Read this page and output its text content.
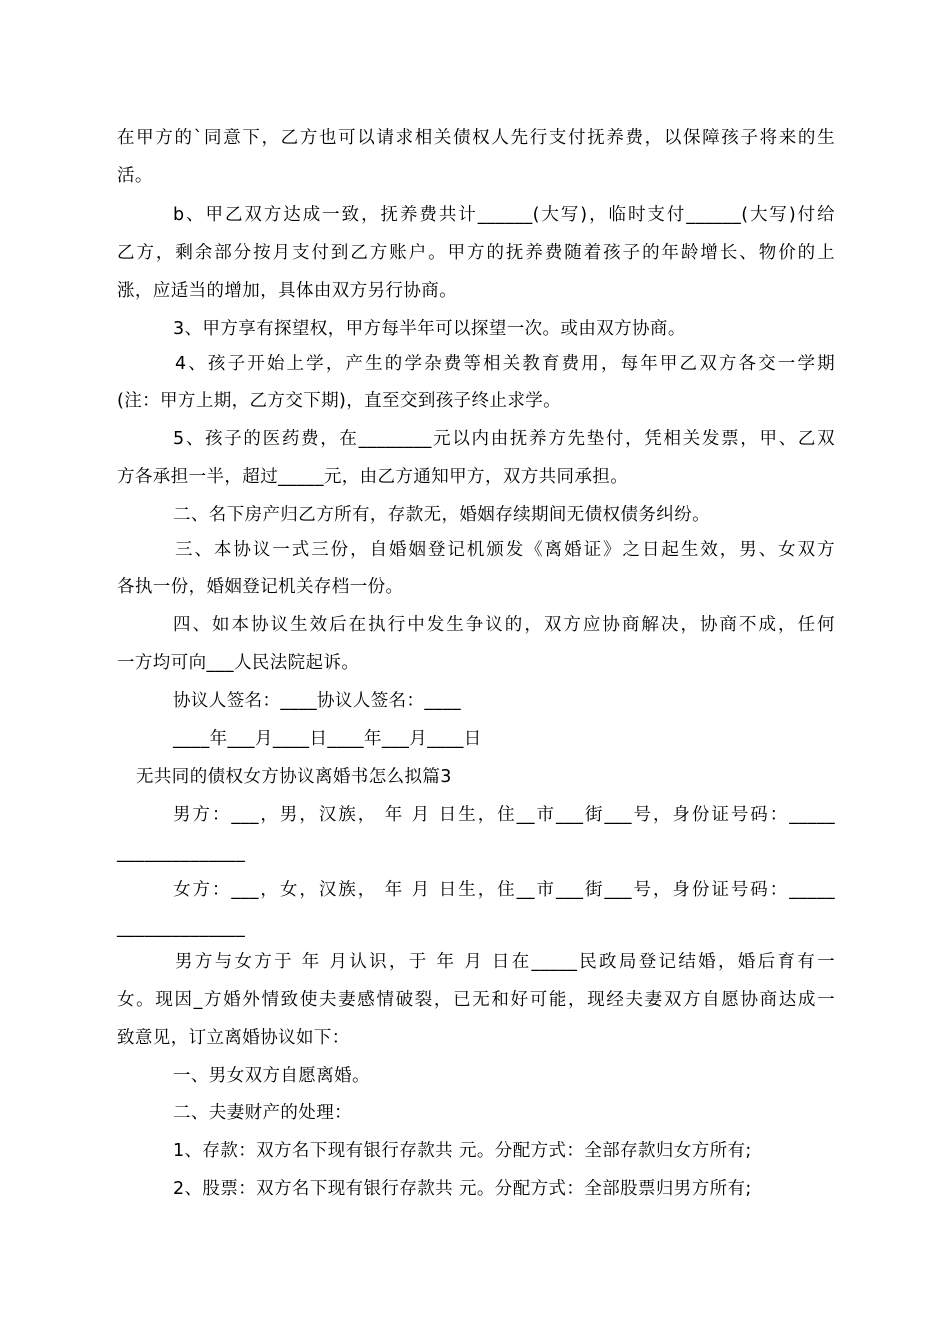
在甲方的`同意下，乙方也可以请求相关债权人先行支付抚养费，以保障孩子将来的生
活。
b、甲乙双方达成一致，抚养费共计______(大写)，临时支付______(大写)付给
乙方，剩余部分按月支付到乙方账户。甲方的抚养费随着孩子的年龄增长、物价的上
涨，应适当的增加，具体由双方另行协商。
3、甲方享有探望权，甲方每半年可以探望一次。或由双方协商。
4、孩子开始上学，产生的学杂费等相关教育费用，每年甲乙双方各交一学期
(注：甲方上期，乙方交下期)，直至交到孩子终止求学。
5、孩子的医药费，在________元以内由抚养方先垫付，凭相关发票，甲、乙双
方各承担一半，超过_____元，由乙方通知甲方，双方共同承担。
二、名下房产归乙方所有，存款无，婚姻存续期间无债权债务纠纷。
三、本协议一式三份，自婚姻登记机颁发《离婚证》之日起生效，男、女双方
各执一份，婚姻登记机关存档一份。
四、如本协议生效后在执行中发生争议的，双方应协商解决，协商不成，任何
一方均可向___人民法院起诉。
协议人签名：____协议人签名：____
____年___月____日____年___月____日
无共同的债权女方协议离婚书怎么拟篇3
男方：___，男，汉族， 年 月 日生，住__市___街___号，身份证号码：_____
______________
女方：___，女，汉族， 年 月 日生，住__市___街___号，身份证号码：_____
______________
男方与女方于 年 月认识，于 年 月 日在_____民政局登记结婚，婚后育有一
女。现因_方婚外情致使夫妻感情破裂，已无和好可能，现经夫妻双方自愿协商达成一
致意见，订立离婚协议如下：
一、男女双方自愿离婚。
二、夫妻财产的处理：
1、存款：双方名下现有银行存款共 元。分配方式：全部存款归女方所有;
2、股票：双方名下现有银行存款共 元。分配方式：全部股票归男方所有;
